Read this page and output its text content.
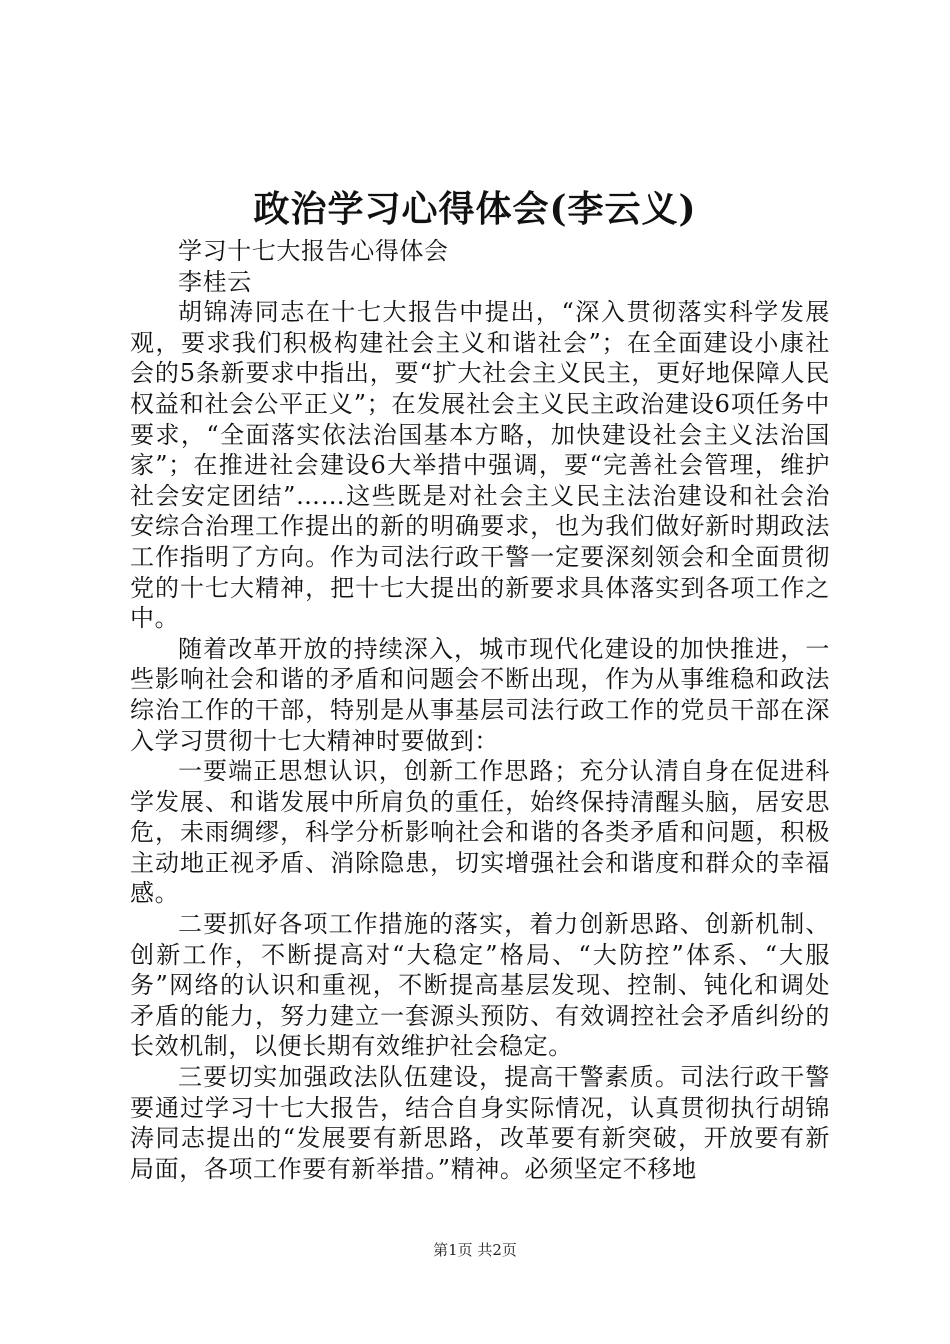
政治学习心得体会(李云义)

学习十七大报告心得体会

李桂云

胡锦涛同志在十七大报告中提出，“深入贯彻落实科学发展观，要求我们积极构建社会主义和谐社会”；在全面建设小康社会的5条新要求中指出，要“扩大社会主义民主，更好地保障人民权益和社会公平正义”；在发展社会主义民主政治建设6项任务中要求，“全面落实依法治国基本方略，加快建设社会主义法治国家”；在推进社会建设6大举措中强调，要“完善社会管理，维护社会安定团结”……这些既是对社会主义民主法治建设和社会治安综合治理工作提出的新的明确要求，也为我们做好新时期政法工作指明了方向。作为司法行政干警一定要深刻领会和全面贯彻党的十七大精神，把十七大提出的新要求具体落实到各项工作之中。

随着改革开放的持续深入，城市现代化建设的加快推进，一些影响社会和谐的矛盾和问题会不断出现，作为从事维稳和政法综治工作的干部，特别是从事基层司法行政工作的党员干部在深入学习贯彻十七大精神时要做到：

一要端正思想认识，创新工作思路；充分认清自身在促进科学发展、和谐发展中所肩负的重任，始终保持清醒头脑，居安思危，未雨绸缪，科学分析影响社会和谐的各类矛盾和问题，积极主动地正视矛盾、消除隐患，切实增强社会和谐度和群众的幸福感。

二要抓好各项工作措施的落实，着力创新思路、创新机制、创新工作，不断提高对“大稳定”格局、“大防控”体系、“大服务”网络的认识和重视，不断提高基层发现、控制、钝化和调处矛盾的能力，努力建立一套源头预防、有效调控社会矛盾纠纷的长效机制，以便长期有效维护社会稳定。

三要切实加强政法队伍建设，提高干警素质。司法行政干警要通过学习十七大报告，结合自身实际情况，认真贯彻执行胡锦涛同志提出的“发展要有新思路，改革要有新突破，开放要有新局面，各项工作要有新举措。”精神。必须坚定不移地

第1页 共2页
